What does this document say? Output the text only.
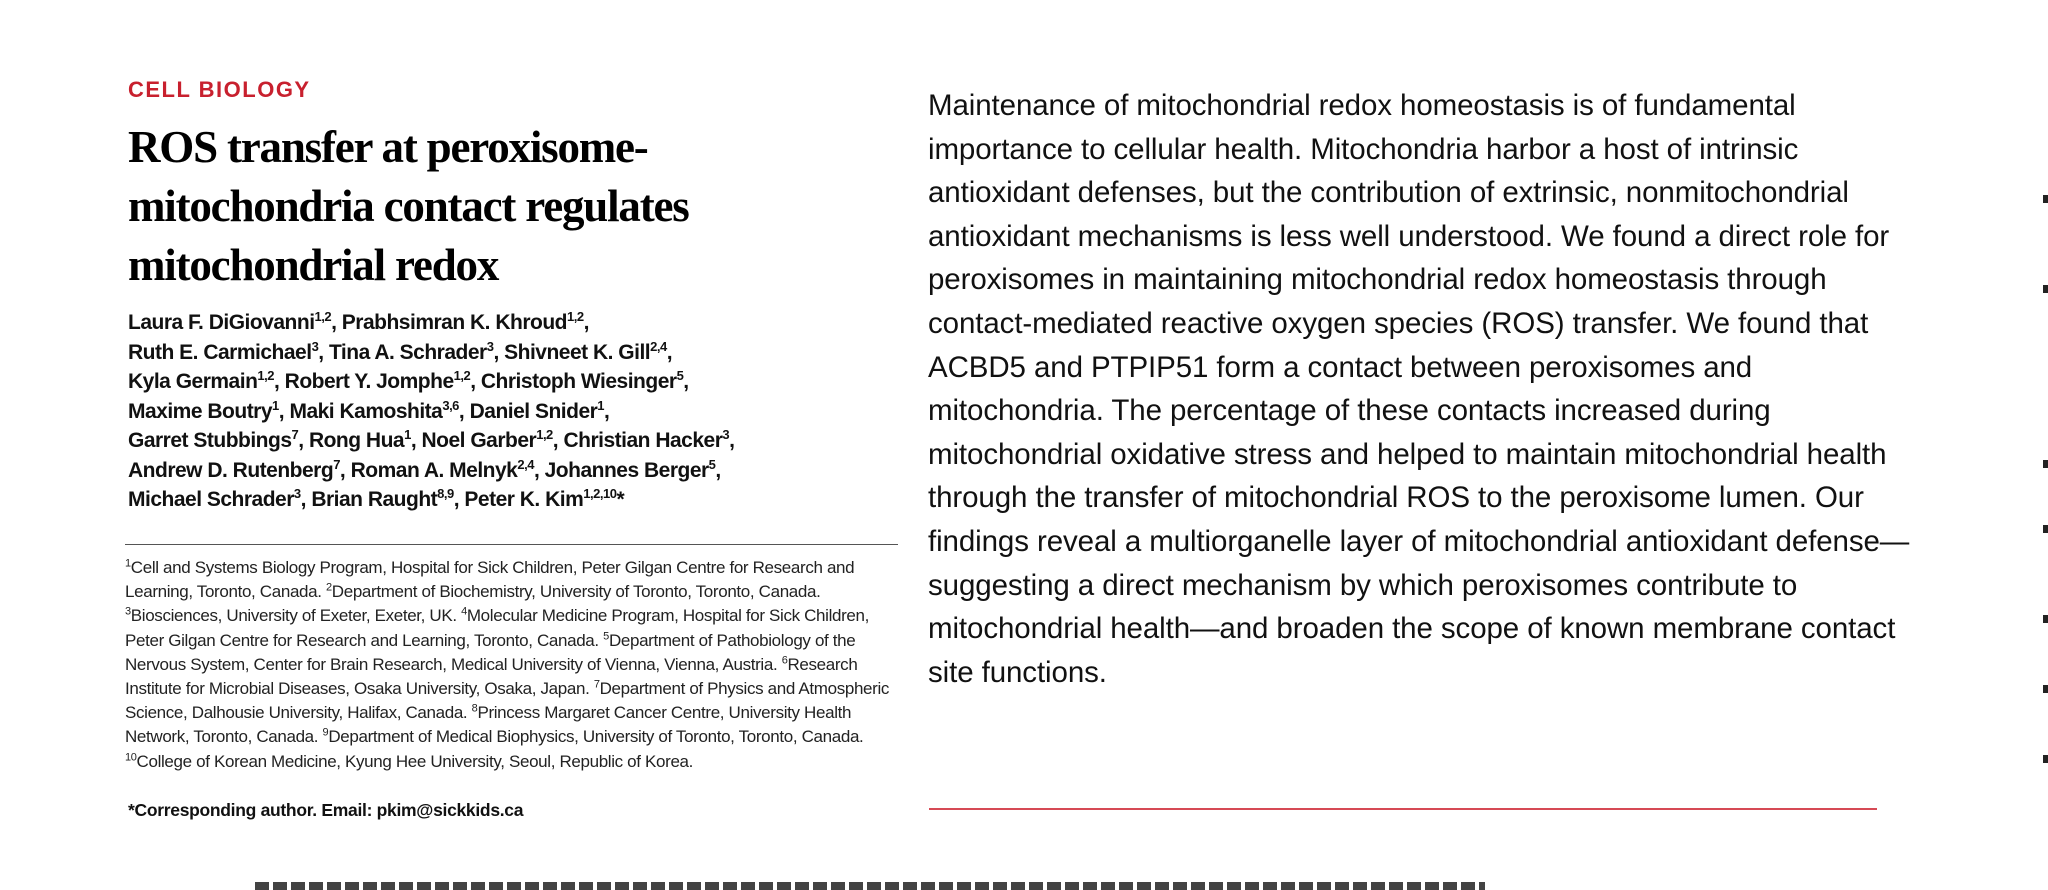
CELL BIOLOGY
ROS transfer at peroxisome-mitochondria contact regulates mitochondrial redox
Laura F. DiGiovanni$^{1,2}$, Prabhsimran K. Khroud$^{1,2}$,
Ruth E. Carmichael$^3$, Tina A. Schrader$^3$, Shivneet K. Gill$^{2,4}$,
Kyla Germain$^{1,2}$, Robert Y. Jomphe$^{1,2}$, Christoph Wiesinger$^5$,
Maxime Boutry$^1$, Maki Kamoshita$^{3,6}$, Daniel Snider$^1$,
Garret Stubbings$^7$, Rong Hua$^1$, Noel Garber$^{1,2}$, Christian Hacker$^3$,
Andrew D. Rutenberg$^7$, Roman A. Melnyk$^{2,4}$, Johannes Berger$^5$,
Michael Schrader$^3$, Brian Raught$^{8,9}$, Peter K. Kim$^{1,2,10}$*
$^1$Cell and Systems Biology Program, Hospital for Sick Children, Peter Gilgan Centre for Research and Learning, Toronto, Canada. $^2$Department of Biochemistry, University of Toronto, Toronto, Canada. $^3$Biosciences, University of Exeter, Exeter, UK. $^4$Molecular Medicine Program, Hospital for Sick Children, Peter Gilgan Centre for Research and Learning, Toronto, Canada. $^5$Department of Pathobiology of the Nervous System, Center for Brain Research, Medical University of Vienna, Vienna, Austria. $^6$Research Institute for Microbial Diseases, Osaka University, Osaka, Japan. $^7$Department of Physics and Atmospheric Science, Dalhousie University, Halifax, Canada. $^8$Princess Margaret Cancer Centre, University Health Network, Toronto, Canada. $^9$Department of Medical Biophysics, University of Toronto, Toronto, Canada.
$^{10}$College of Korean Medicine, Kyung Hee University, Seoul, Republic of Korea.
*Corresponding author. Email: pkim@sickkids.ca

Maintenance of mitochondrial redox homeostasis is of fundamental importance to cellular health. Mitochondria harbor a host of intrinsic antioxidant defenses, but the contribution of extrinsic, nonmitochondrial antioxidant mechanisms is less well understood. We found a direct role for peroxisomes in maintaining mitochondrial redox homeostasis through contact-mediated reactive oxygen species (ROS) transfer. We found that ACBD5 and PTPIP51 form a contact between peroxisomes and mitochondria. The percentage of these contacts increased during mitochondrial oxidative stress and helped to maintain mitochondrial health through the transfer of mitochondrial ROS to the peroxisome lumen. Our findings reveal a multiorganelle layer of mitochondrial antioxidant defense—suggesting a direct mechanism by which peroxisomes contribute to mitochondrial health—and broaden the scope of known membrane contact site functions.
